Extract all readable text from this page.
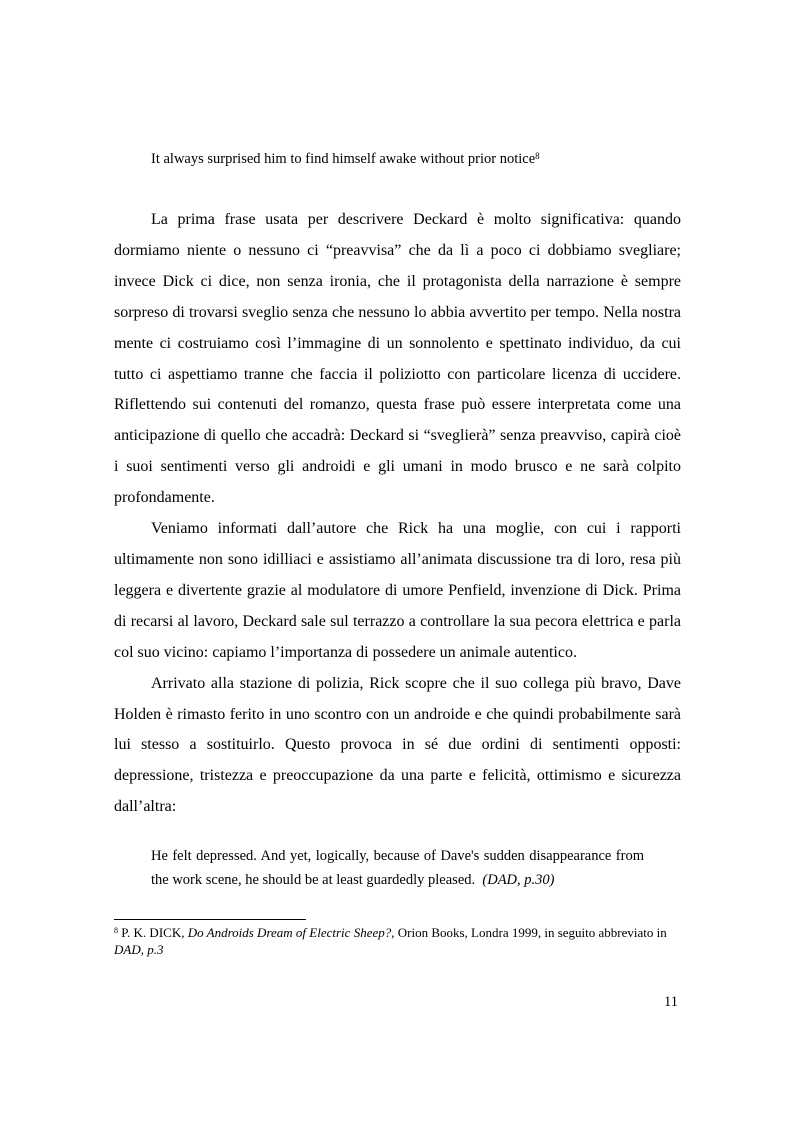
It always surprised him to find himself awake without prior notice$^8$

La prima frase usata per descrivere Deckard è molto significativa: quando dormiamo niente o nessuno ci “preavvisa” che da lì a poco ci dobbiamo svegliare; invece Dick ci dice, non senza ironia, che il protagonista della narrazione è sempre sorpreso di trovarsi sveglio senza che nessuno lo abbia avvertito per tempo. Nella nostra mente ci costruiamo così l’immagine di un sonnolento e spettinato individuo, da cui tutto ci aspettiamo tranne che faccia il poliziotto con particolare licenza di uccidere. Riflettendo sui contenuti del romanzo, questa frase può essere interpretata come una anticipazione di quello che accadrà: Deckard si “sveglierà” senza preavviso, capirà cioè i suoi sentimenti verso gli androidi e gli umani in modo brusco e ne sarà colpito profondamente.

Veniamo informati dall’autore che Rick ha una moglie, con cui i rapporti ultimamente non sono idilliaci e assistiamo all’animata discussione tra di loro, resa più leggera e divertente grazie al modulatore di umore Penfield, invenzione di Dick. Prima di recarsi al lavoro, Deckard sale sul terrazzo a controllare la sua pecora elettrica e parla col suo vicino: capiamo l’importanza di possedere un animale autentico.

Arrivato alla stazione di polizia, Rick scopre che il suo collega più bravo, Dave Holden è rimasto ferito in uno scontro con un androide e che quindi probabilmente sarà lui stesso a sostituirlo. Questo provoca in sé due ordini di sentimenti opposti: depressione, tristezza e preoccupazione da una parte e felicità, ottimismo e sicurezza dall’altra:

He felt depressed. And yet, logically, because of Dave's sudden disappearance from the work scene, he should be at least guardedly pleased. (DAD, p.30)

$^8$ P. K. DICK, Do Androids Dream of Electric Sheep?, Orion Books, Londra 1999, in seguito abbreviato in DAD, p.3

11
